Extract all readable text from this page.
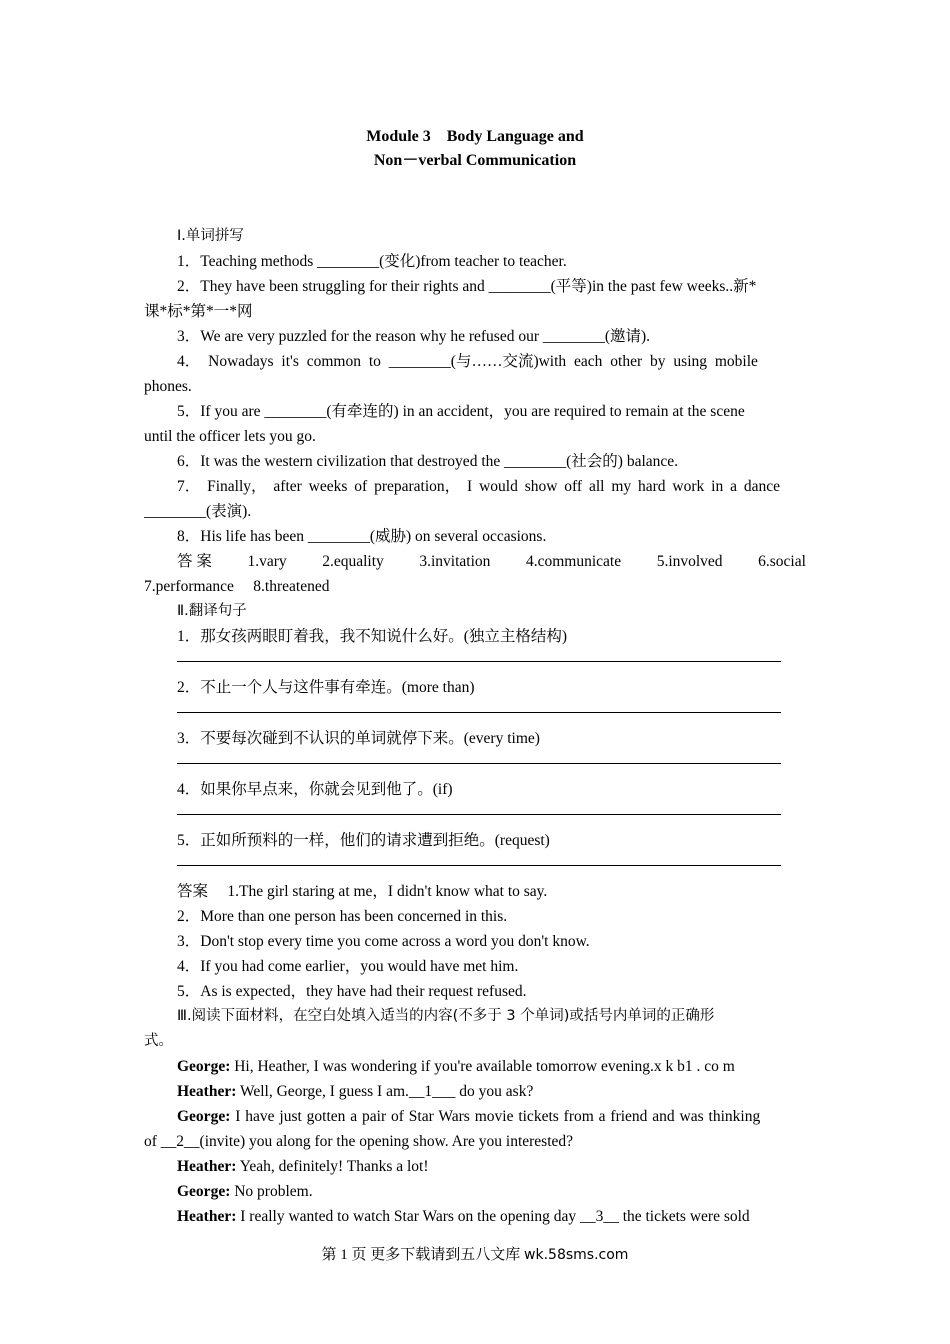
Module 3　Body Language and
Non－verbal Communication
Ⅰ.单词拼写
1．Teaching methods ________(变化)from teacher to teacher.
2．They have been struggling for their rights and ________(平等)in the past few weeks..新*
课*标*第*一*网
3．We are very puzzled for the reason why he refused our ________(邀请).
4． Nowadays it's common to ________(与……交流)with each other by using mobile
phones.
5．If you are ________(有牵连的) in an accident，you are required to remain at the scene
until the officer lets you go.
6．It was the western civilization that destroyed the ________(社会的) balance.
7． Finally， after weeks of preparation， I would show off all my hard work in a dance
________(表演).
8．His life has been ________(威胁) on several occasions.
答 案 1.vary 2.equality 3.invitation 4.communicate 5.involved 6.social
7.performance　 8.threatened
Ⅱ.翻译句子
1．那女孩两眼盯着我，我不知说什么好。(独立主格结构)
2．不止一个人与这件事有牵连。(more than)
3．不要每次碰到不认识的单词就停下来。(every time)
4．如果你早点来，你就会见到他了。(if)
5．正如所预料的一样，他们的请求遭到拒绝。(request)
答案　 1.The girl staring at me，I didn't know what to say.
2．More than one person has been concerned in this.
3．Don't stop every time you come across a word you don't know.
4．If you had come earlier，you would have met him.
5．As is expected，they have had their request refused.
Ⅲ.阅读下面材料，在空白处填入适当的内容(不多于 3 个单词)或括号内单词的正确形
式。
George: Hi, Heather, I was wondering if you're available tomorrow evening.x k b1 . co m
Heather: Well, George, I guess I am.__1___ do you ask?
George: I have just gotten a pair of Star Wars movie tickets from a friend and was thinking
of __2__(invite) you along for the opening show. Are you interested?
Heather: Yeah, definitely! Thanks a lot!
George: No problem.
Heather: I really wanted to watch Star Wars on the opening day __3__ the tickets were sold
第 1 页 更多下载请到五八文库 wk.58sms.com
